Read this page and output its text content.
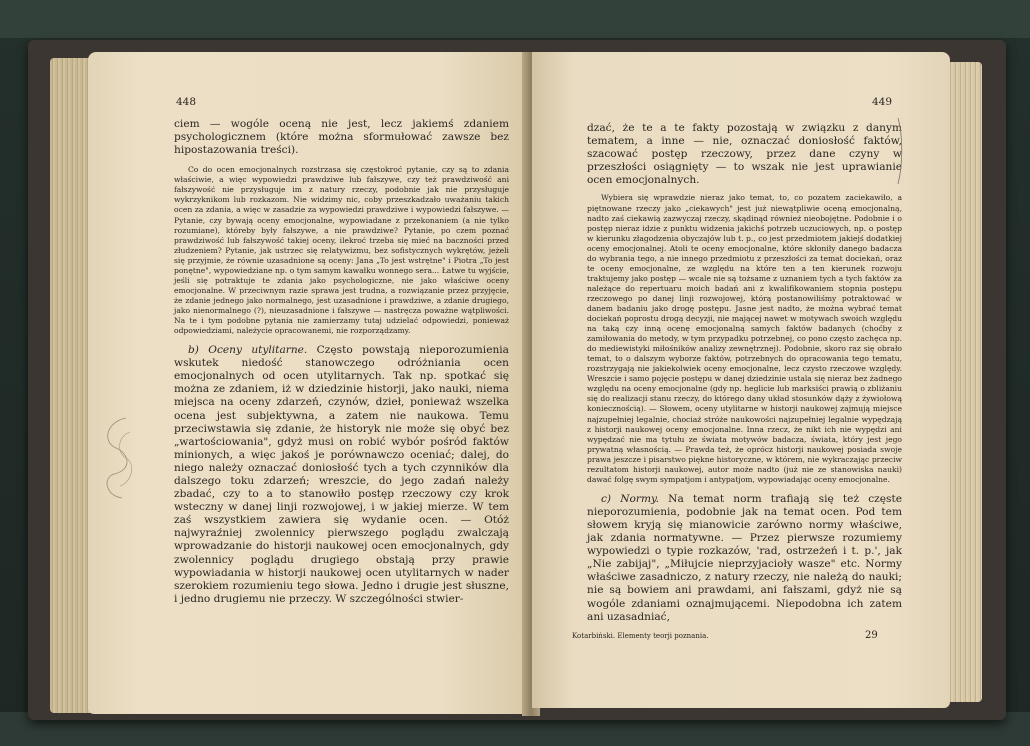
448

ciem — wogóle oceną nie jest, lecz jakiemś zdaniem psychologicznem (które można sformułować zawsze bez hipostazowania treści).

Co do ocen emocjonalnych rozstrzasa się częstokroć pytanie, czy są to zdania właściwie, a więc wypowiedzi prawdziwe lub fałszywe, czy też prawdziwość ani fałszywość nie przysługuje im z natury rzeczy, podobnie jak nie przysługuje wykrzyknikom lub rozkazom. Nie widzimy nic, coby przeszkadzało uważaniu takich ocen za zdania, a więc w zasadzie za wypowiedzi prawdziwe i wypowiedzi fałszywe. — Pytanie, czy bywają oceny emocjonalne, wypowiadane z przekonaniem (a nie tylko rozumiane), któreby były fałszywe, a nie prawdziwe? Pytanie, po czem poznać prawdziwość lub fałszywość takiej oceny, ilekroć trzeba się mieć na baczności przed złudzeniem? Pytanie, jak ustrzec się relatywizmu, bez sofistycznych wykrętów, jeżeli się przyjmie, że równie uzasadnione są oceny: Jana „To jest wstrętne" i Piotra „To jest ponętne", wypowiedziane np. o tym samym kawałku wonnego sera... Łatwe tu wyjście, jeśli się potraktuje te zdania jako psychologiczne, nie jako właściwe oceny emocjonalne. W przeciwnym razie sprawa jest trudna, a rozwiązanie przez przyjęcie, że zdanie jednego jako normalnego, jest uzasadnione i prawdziwe, a zdanie drugiego, jako nienormalnego (?), nieuzasadnione i fałszywe — nastręcza poważne wątpliwości. Na te i tym podobne pytania nie zamierzamy tutaj udzielać odpowiedzi, ponieważ odpowiedziami, należycie opracowanemi, nie rozporządzamy.

b) Oceny utylitarne. Często powstają nieporozumienia wskutek niedość stanowczego odróżniania ocen emocjonalnych od ocen utylitarnych. Tak np. spotkać się można ze zdaniem, iż w dziedzinie historji, jako nauki, niema miejsca na oceny zdarzeń, czynów, dzieł, ponieważ wszelka ocena jest subjektywna, a zatem nie naukowa. Temu przeciwstawia się zdanie, że historyk nie może się obyć bez „wartościowania", gdyż musi on robić wybór pośród faktów minionych, a więc jakoś je porównawczo oceniać; dalej, do niego należy oznaczać doniosłość tych a tych czynników dla dalszego toku zdarzeń; wreszcie, do jego zadań należy zbadać, czy to a to stanowiło postęp rzeczowy czy krok wsteczny w danej linji rozwojowej, i w jakiej mierze. W tem zaś wszystkiem zawiera się wydanie ocen. — Otóż najwyraźniej zwolennicy pierwszego poglądu zwalczają wprowadzanie do historji naukowej ocen emocjonalnych, gdy zwolennicy poglądu drugiego obstają przy prawie wypowiadania w historji naukowej ocen utylitarnych w nader szerokiem rozumieniu tego słowa. Jedno i drugie jest słuszne, i jedno drugiemu nie przeczy. W szczególności stwier-

449

dzać, że te a te fakty pozostają w związku z danym tematem, a inne — nie, oznaczać doniosłość faktów, szacować postęp rzeczowy, przez dane czyny w przeszłości osiągnięty — to wszak nie jest uprawianie ocen emocjonalnych.

Wybiera się wprawdzie nieraz jako temat, to, co pozatem zaciekawiło, a piętnowane rzeczy jako „ciekawych" jest już niewątpliwie oceną emocjonalną, nadto zaś ciekawią zazwyczaj rzeczy, skądinąd również nieobojętne. Podobnie i o postęp nieraz idzie z punktu widzenia jakichś potrzeb uczuciowych, np. o postęp w kierunku złagodzenia obyczajów lub t. p., co jest przedmiotem jakiejś dodatkiej oceny emocjonalnej. Atoli te oceny emocjonalne, które skłoniły danego badacza do wybrania tego, a nie innego przedmiotu z przeszłości za temat dociekań, oraz te oceny emocjonalne, ze względu na które ten a ten kierunek rozwoju traktujemy jako postęp — wcale nie są tożsame z uznaniem tych a tych faktów za należące do repertuaru moich badań ani z kwalifikowaniem stopnia postępu rzeczowego po danej linji rozwojowej, którą postanowiliśmy potraktować w danem badaniu jako drogę postępu. Jasne jest nadto, że można wybrać temat dociekań poprostu drogą decyzji, nie mającej nawet w motywach swoich względu na taką czy inną ocenę emocjonalną samych faktów badanych (choćby z zamiłowania do metody, w tym przypadku potrzebnej, co pono często zachęca np. do mediewistyki miłośników analizy zewnętrznej). Podobnie, skoro raz się obrało temat, to o dalszym wyborze faktów, potrzebnych do opracowania tego tematu, rozstrzygają nie jakiekolwiek oceny emocjonalne, lecz czysto rzeczowe względy. Wreszcie i samo pojęcie postępu w danej dziedzinie ustala się nieraz bez żadnego względu na oceny emocjonalne (gdy np. heglicie lub marksiści prawią o zbliżaniu się do realizacji stanu rzeczy, do którego dany układ stosunków dąży z żywiołową koniecznością). — Słowem, oceny utylitarne w historji naukowej zajmują miejsce najzupełniej legalnie, chociaż stróże naukowości najzupełniej legalnie wypędzają z historji naukowej oceny emocjonalne. Inna rzecz, że nikt ich nie wypędzi ani wypędzać nie ma tytułu ze świata motywów badacza, świata, który jest jego prywatną własnością. — Prawda też, że oprócz historji naukowej posiada swoje prawa jeszcze i pisarstwo piękne historyczne, w którem, nie wykraczając przeciw rezultatom historji naukowej, autor może nadto (już nie ze stanowiska nauki) dawać folgę swym sympatjom i antypatjom, wypowiadając oceny emocjonalne.

c) Normy. Na temat norm trafiają się też częste nieporozumienia, podobnie jak na temat ocen. Pod tem słowem kryją się mianowicie zarówno normy właściwe, jak zdania normatywne. — Przez pierwsze rozumiemy wypowiedzi o typie rozkazów, 'rad, ostrzeżeń i t. p.', jak „Nie zabijaj", „Miłujcie nieprzyjacioły wasze" etc. Normy właściwe zasadniczo, z natury rzeczy, nie należą do nauki; nie są bowiem ani prawdami, ani fałszami, gdyż nie są wogóle zdaniami oznajmującemi. Niepodobna ich zatem ani uzasadniać,

Kotarbiński. Elementy teorji poznania.	29
